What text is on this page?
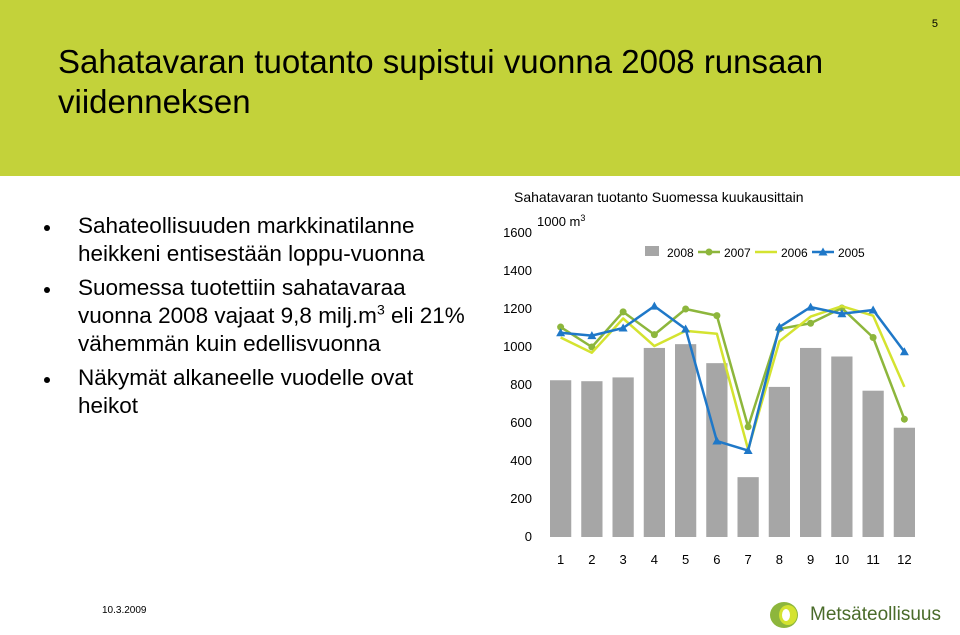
Sahatavaran tuotanto supistui vuonna 2008 runsaan viidenneksen
5
Sahateollisuuden markkinatilanne heikkeni entisestään loppu-vuonna
Suomessa tuotettiin sahatavaraa vuonna 2008 vajaat 9,8 $milj.m^3$ eli 21% vähemmän kuin edellisvuonna
Näkymät alkaneelle vuodelle ovat heikot
Sahatavaran tuotanto Suomessa kuukausittain
1000 $m^3$
0
200
400
600
800
1000
1200
1400
1600
1 2 3 4 5 6 7 8 9 10 11 12
2008	2007	2006	2005
10.3.2009	Metsäteollisuus
